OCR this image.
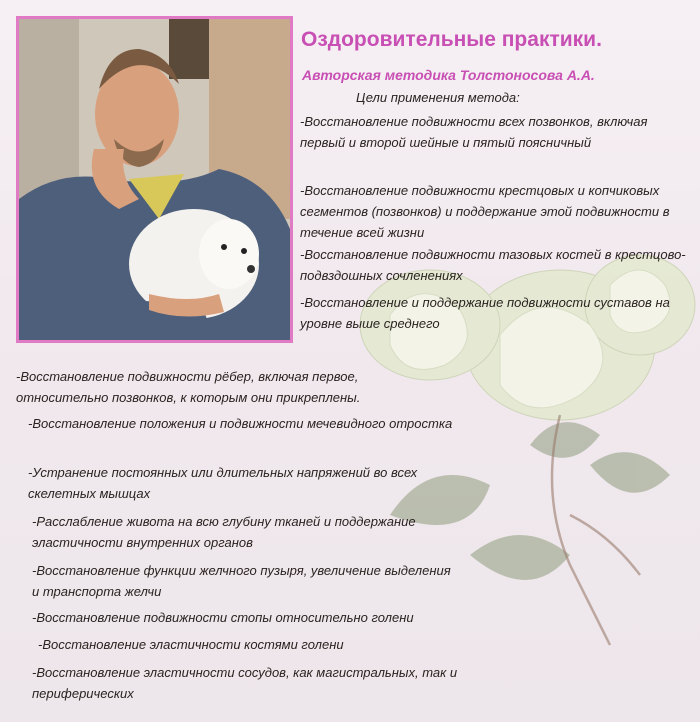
Оздоровительные практики.
Авторская методика Толстоносова А.А.
Цели применения метода:
-Восстановление подвижности всех позвонков, включая первый и второй шейные и пятый поясничный
-Восстановление подвижности крестцовых и копчиковых сегментов (позвонков) и поддержание этой подвижности в течение всей жизни
-Восстановление подвижности тазовых костей в крестцово-подвздошных сочленениях
-Восстановление и поддержание подвижности суставов на уровне выше среднего
-Восстановление подвижности рёбер, включая первое, относительно позвонков, к которым они прикреплены.
-Восстановление положения и подвижности мечевидного отростка
-Устранение постоянных или длительных напряжений во всех скелетных мышцах
-Расслабление живота на всю глубину тканей и поддержание эластичности внутренних органов
-Восстановление функции желчного пузыря, увеличение выделения и транспорта желчи
-Восстановление подвижности стопы относительно голени
-Восстановление эластичности костями голени
-Восстановление эластичности сосудов, как магистральных, так и периферических
